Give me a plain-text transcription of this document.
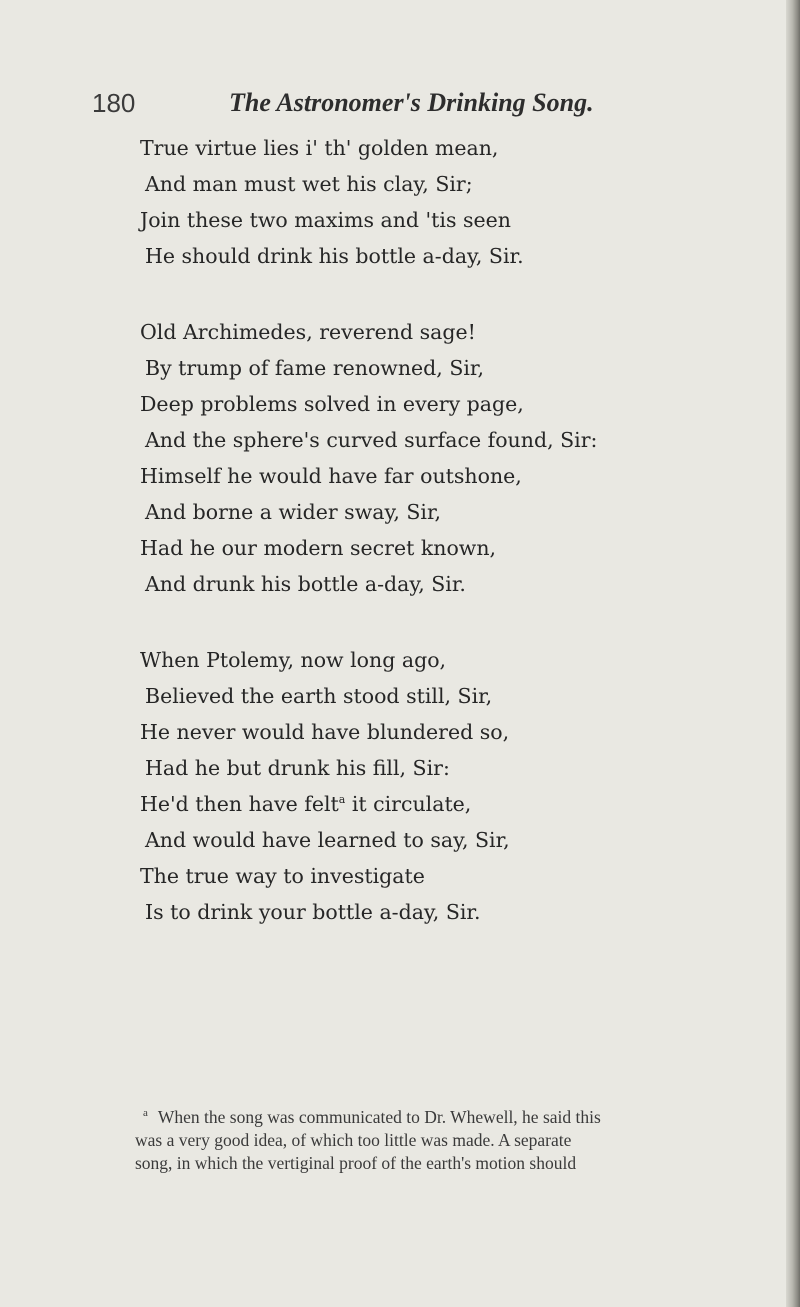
180	The Astronomer's Drinking Song.
True virtue lies i' th' golden mean,
And man must wet his clay, Sir;
Join these two maxims and 'tis seen
He should drink his bottle a-day, Sir.
Old Archimedes, reverend sage!
By trump of fame renowned, Sir,
Deep problems solved in every page,
And the sphere's curved surface found, Sir:
Himself he would have far outshone,
And borne a wider sway, Sir,
Had he our modern secret known,
And drunk his bottle a-day, Sir.
When Ptolemy, now long ago,
Believed the earth stood still, Sir,
He never would have blundered so,
Had he but drunk his fill, Sir:
He'd then have felt$^a$ it circulate,
And would have learned to say, Sir,
The true way to investigate
Is to drink your bottle a-day, Sir.
$^a$ When the song was communicated to Dr. Whewell, he said this
was a very good idea, of which too little was made. A separate
song, in which the vertiginal proof of the earth's motion should
